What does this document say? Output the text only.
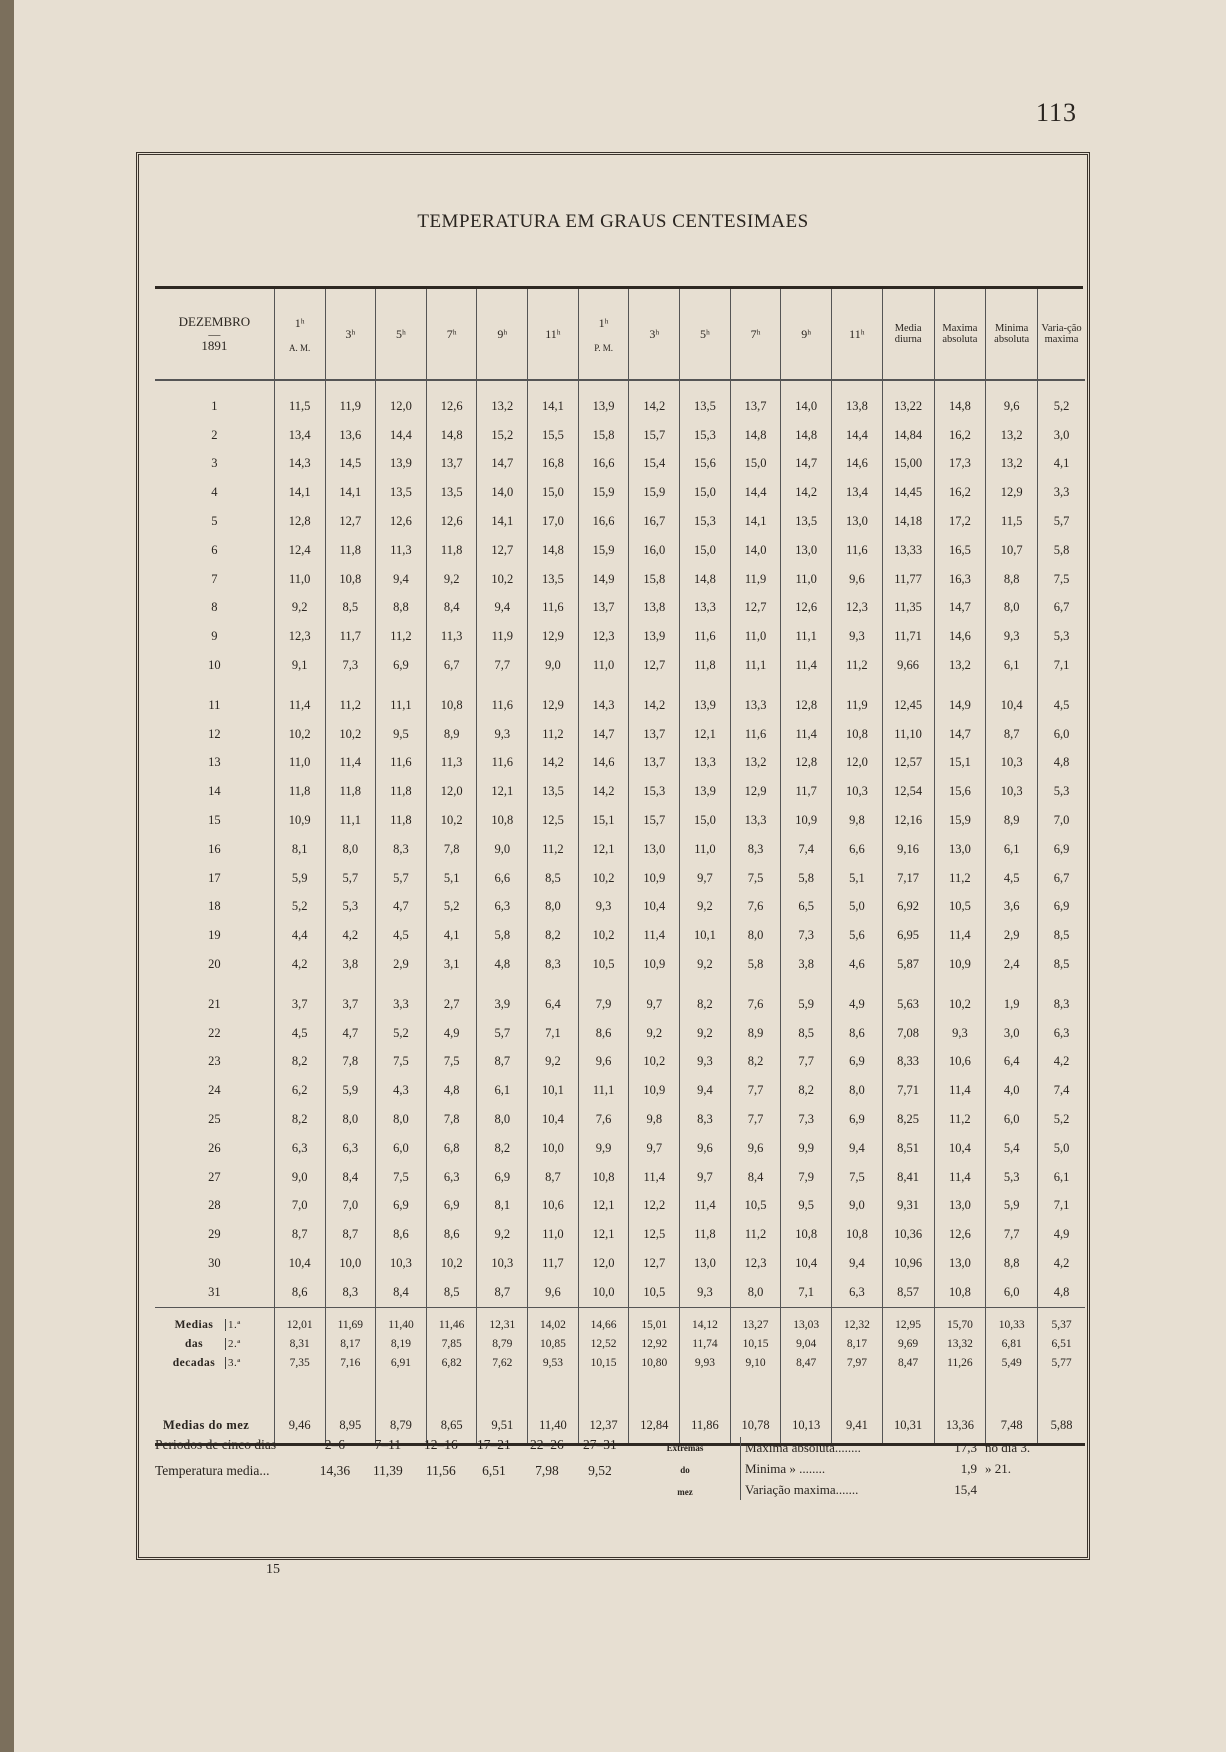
113
TEMPERATURA EM GRAUS CENTESIMAES
DEZEMBRO
—
1891	1ʰ
A. M.	3ʰ	5ʰ	7ʰ	9ʰ	11ʰ	1ʰ
P. M.	3ʰ	5ʰ	7ʰ	9ʰ	11ʰ	Media diurna	Maxima absoluta	Minima absoluta	Varia-ção maxima

1	11,5	11,9	12,0	12,6	13,2	14,1	13,9	14,2	13,5	13,7	14,0	13,8	13,22	14,8	9,6	5,2
2	13,4	13,6	14,4	14,8	15,2	15,5	15,8	15,7	15,3	14,8	14,8	14,4	14,84	16,2	13,2	3,0
3	14,3	14,5	13,9	13,7	14,7	16,8	16,6	15,4	15,6	15,0	14,7	14,6	15,00	17,3	13,2	4,1
4	14,1	14,1	13,5	13,5	14,0	15,0	15,9	15,9	15,0	14,4	14,2	13,4	14,45	16,2	12,9	3,3
5	12,8	12,7	12,6	12,6	14,1	17,0	16,6	16,7	15,3	14,1	13,5	13,0	14,18	17,2	11,5	5,7
6	12,4	11,8	11,3	11,8	12,7	14,8	15,9	16,0	15,0	14,0	13,0	11,6	13,33	16,5	10,7	5,8
7	11,0	10,8	9,4	9,2	10,2	13,5	14,9	15,8	14,8	11,9	11,0	9,6	11,77	16,3	8,8	7,5
8	9,2	8,5	8,8	8,4	9,4	11,6	13,7	13,8	13,3	12,7	12,6	12,3	11,35	14,7	8,0	6,7
9	12,3	11,7	11,2	11,3	11,9	12,9	12,3	13,9	11,6	11,0	11,1	9,3	11,71	14,6	9,3	5,3
10	9,1	7,3	6,9	6,7	7,7	9,0	11,0	12,7	11,8	11,1	11,4	11,2	9,66	13,2	6,1	7,1

11	11,4	11,2	11,1	10,8	11,6	12,9	14,3	14,2	13,9	13,3	12,8	11,9	12,45	14,9	10,4	4,5
12	10,2	10,2	9,5	8,9	9,3	11,2	14,7	13,7	12,1	11,6	11,4	10,8	11,10	14,7	8,7	6,0
13	11,0	11,4	11,6	11,3	11,6	14,2	14,6	13,7	13,3	13,2	12,8	12,0	12,57	15,1	10,3	4,8
14	11,8	11,8	11,8	12,0	12,1	13,5	14,2	15,3	13,9	12,9	11,7	10,3	12,54	15,6	10,3	5,3
15	10,9	11,1	11,8	10,2	10,8	12,5	15,1	15,7	15,0	13,3	10,9	9,8	12,16	15,9	8,9	7,0
16	8,1	8,0	8,3	7,8	9,0	11,2	12,1	13,0	11,0	8,3	7,4	6,6	9,16	13,0	6,1	6,9
17	5,9	5,7	5,7	5,1	6,6	8,5	10,2	10,9	9,7	7,5	5,8	5,1	7,17	11,2	4,5	6,7
18	5,2	5,3	4,7	5,2	6,3	8,0	9,3	10,4	9,2	7,6	6,5	5,0	6,92	10,5	3,6	6,9
19	4,4	4,2	4,5	4,1	5,8	8,2	10,2	11,4	10,1	8,0	7,3	5,6	6,95	11,4	2,9	8,5
20	4,2	3,8	2,9	3,1	4,8	8,3	10,5	10,9	9,2	5,8	3,8	4,6	5,87	10,9	2,4	8,5

21	3,7	3,7	3,3	2,7	3,9	6,4	7,9	9,7	8,2	7,6	5,9	4,9	5,63	10,2	1,9	8,3
22	4,5	4,7	5,2	4,9	5,7	7,1	8,6	9,2	9,2	8,9	8,5	8,6	7,08	9,3	3,0	6,3
23	8,2	7,8	7,5	7,5	8,7	9,2	9,6	10,2	9,3	8,2	7,7	6,9	8,33	10,6	6,4	4,2
24	6,2	5,9	4,3	4,8	6,1	10,1	11,1	10,9	9,4	7,7	8,2	8,0	7,71	11,4	4,0	7,4
25	8,2	8,0	8,0	7,8	8,0	10,4	7,6	9,8	8,3	7,7	7,3	6,9	8,25	11,2	6,0	5,2
26	6,3	6,3	6,0	6,8	8,2	10,0	9,9	9,7	9,6	9,6	9,9	9,4	8,51	10,4	5,4	5,0
27	9,0	8,4	7,5	6,3	6,9	8,7	10,8	11,4	9,7	8,4	7,9	7,5	8,41	11,4	5,3	6,1
28	7,0	7,0	6,9	6,9	8,1	10,6	12,1	12,2	11,4	10,5	9,5	9,0	9,31	13,0	5,9	7,1
29	8,7	8,7	8,6	8,6	9,2	11,0	12,1	12,5	11,8	11,2	10,8	10,8	10,36	12,6	7,7	4,9
30	10,4	10,0	10,3	10,2	10,3	11,7	12,0	12,7	13,0	12,3	10,4	9,4	10,96	13,0	8,8	4,2
31	8,6	8,3	8,4	8,5	8,7	9,6	10,0	10,5	9,3	8,0	7,1	6,3	8,57	10,8	6,0	4,8

Medias 1.ª	12,01	11,69	11,40	11,46	12,31	14,02	14,66	15,01	14,12	13,27	13,03	12,32	12,95	15,70	10,33	5,37
das 2.ª	8,31	8,17	8,19	7,85	8,79	10,85	12,52	12,92	11,74	10,15	9,04	8,17	9,69	13,32	6,81	6,51
decadas 3.ª	7,35	7,16	6,91	6,82	7,62	9,53	10,15	10,80	9,93	9,10	8,47	7,97	8,47	11,26	5,49	5,77
Medias do mez	9,46	8,95	8,79	8,65	9,51	11,40	12,37	12,84	11,86	10,78	10,13	9,41	10,31	13,36	7,48	5,88

Periodos de cinco dias	2–6 7–11 12–16 17–21 22–26 27–31
Temperatura media...	14,36 11,39 11,56 6,51 7,98 9,52
Extremas
do
mez
Maxima absoluta........	17,3 no dia 3.
Minima » ........	1,9 » 21.
Variação maxima.......	15,4
15
